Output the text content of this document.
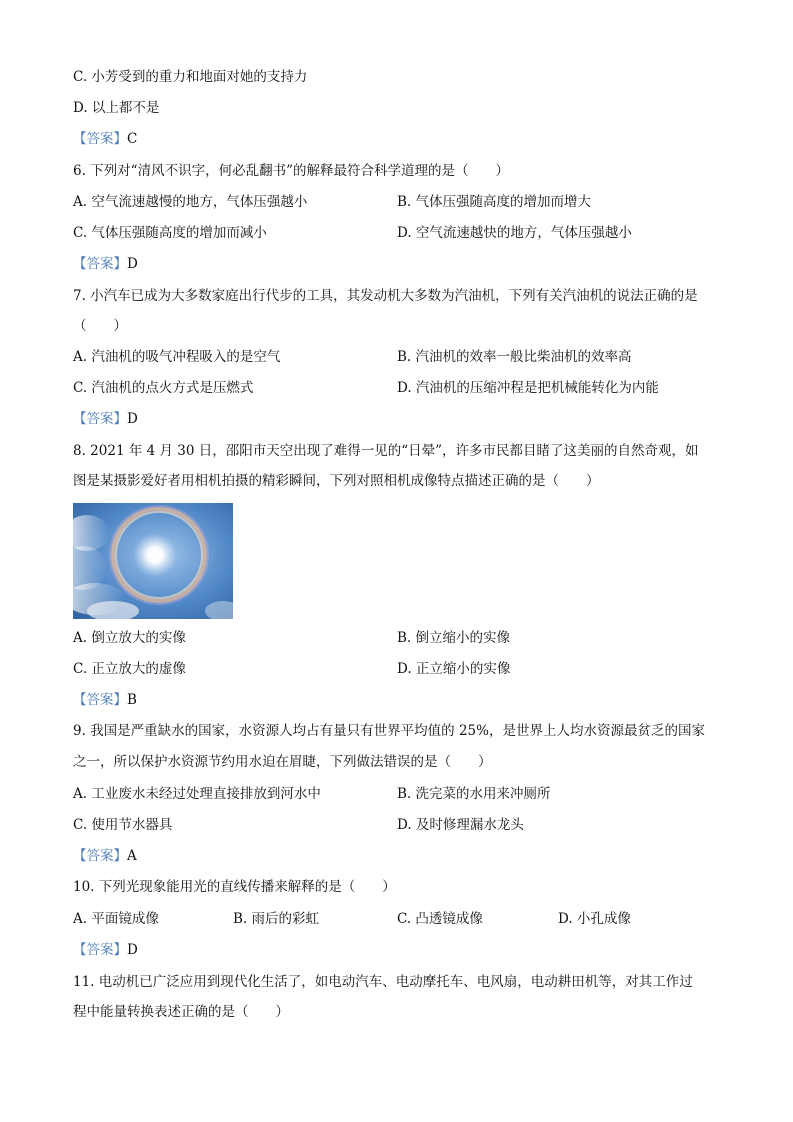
C. 小芳受到的重力和地面对她的支持力
D. 以上都不是
【答案】C
6. 下列对“清风不识字，何必乱翻书”的解释最符合科学道理的是（　　）
A. 空气流速越慢的地方，气体压强越小	B. 气体压强随高度的增加而增大
C. 气体压强随高度的增加而减小	D. 空气流速越快的地方，气体压强越小
【答案】D
7. 小汽车已成为大多数家庭出行代步的工具，其发动机大多数为汽油机，下列有关汽油机的说法正确的是
（　　）
A. 汽油机的吸气冲程吸入的是空气	B. 汽油机的效率一般比柴油机的效率高
C. 汽油机的点火方式是压燃式	D. 汽油机的压缩冲程是把机械能转化为内能
【答案】D
8. 2021 年 4 月 30 日，邵阳市天空出现了难得一见的“日晕”，许多市民都目睹了这美丽的自然奇观，如
图是某摄影爱好者用相机拍摄的精彩瞬间，下列对照相机成像特点描述正确的是（　　）
A. 倒立放大的实像	B. 倒立缩小的实像
C. 正立放大的虚像	D. 正立缩小的实像
【答案】B
9. 我国是严重缺水的国家，水资源人均占有量只有世界平均值的 25%，是世界上人均水资源最贫乏的国家
之一，所以保护水资源节约用水迫在眉睫，下列做法错误的是（　　）
A. 工业废水未经过处理直接排放到河水中	B. 洗完菜的水用来冲厕所
C. 使用节水器具	D. 及时修理漏水龙头
【答案】A
10. 下列光现象能用光的直线传播来解释的是（　　）
A. 平面镜成像	B. 雨后的彩虹	C. 凸透镜成像	D. 小孔成像
【答案】D
11. 电动机已广泛应用到现代化生活了，如电动汽车、电动摩托车、电风扇，电动耕田机等，对其工作过
程中能量转换表述正确的是（　　）
